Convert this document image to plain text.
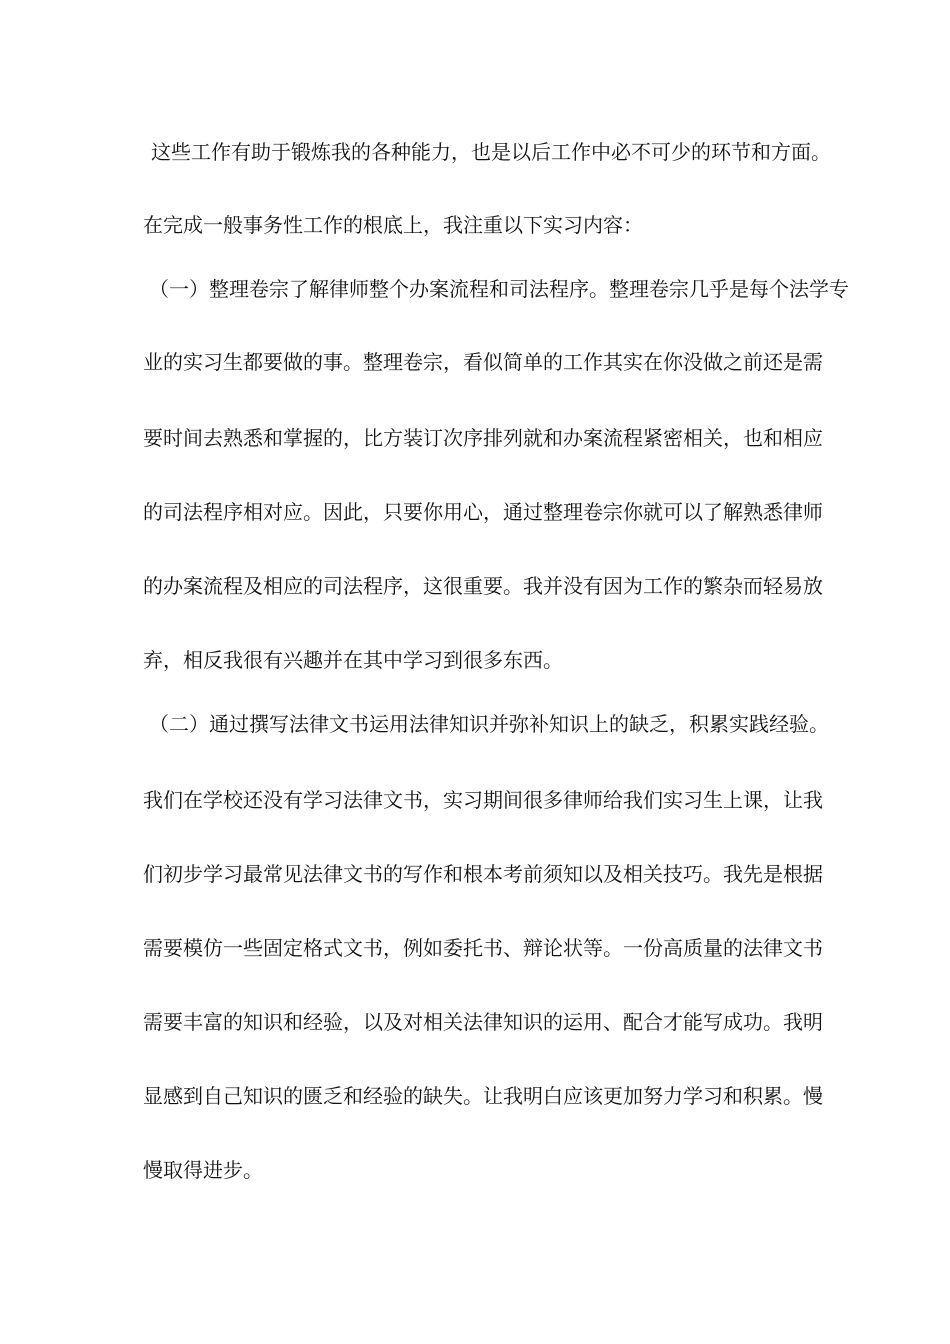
这些工作有助于锻炼我的各种能力，也是以后工作中必不可少的环节和方面。
在完成一般事务性工作的根底上，我注重以下实习内容：
（一）整理卷宗了解律师整个办案流程和司法程序。整理卷宗几乎是每个法学专
业的实习生都要做的事。整理卷宗，看似简单的工作其实在你没做之前还是需
要时间去熟悉和掌握的，比方装订次序排列就和办案流程紧密相关，也和相应
的司法程序相对应。因此，只要你用心，通过整理卷宗你就可以了解熟悉律师
的办案流程及相应的司法程序，这很重要。我并没有因为工作的繁杂而轻易放
弃，相反我很有兴趣并在其中学习到很多东西。
（二）通过撰写法律文书运用法律知识并弥补知识上的缺乏，积累实践经验。
我们在学校还没有学习法律文书，实习期间很多律师给我们实习生上课，让我
们初步学习最常见法律文书的写作和根本考前须知以及相关技巧。我先是根据
需要模仿一些固定格式文书，例如委托书、辩论状等。一份高质量的法律文书
需要丰富的知识和经验，以及对相关法律知识的运用、配合才能写成功。我明
显感到自己知识的匮乏和经验的缺失。让我明白应该更加努力学习和积累。慢
慢取得进步。
